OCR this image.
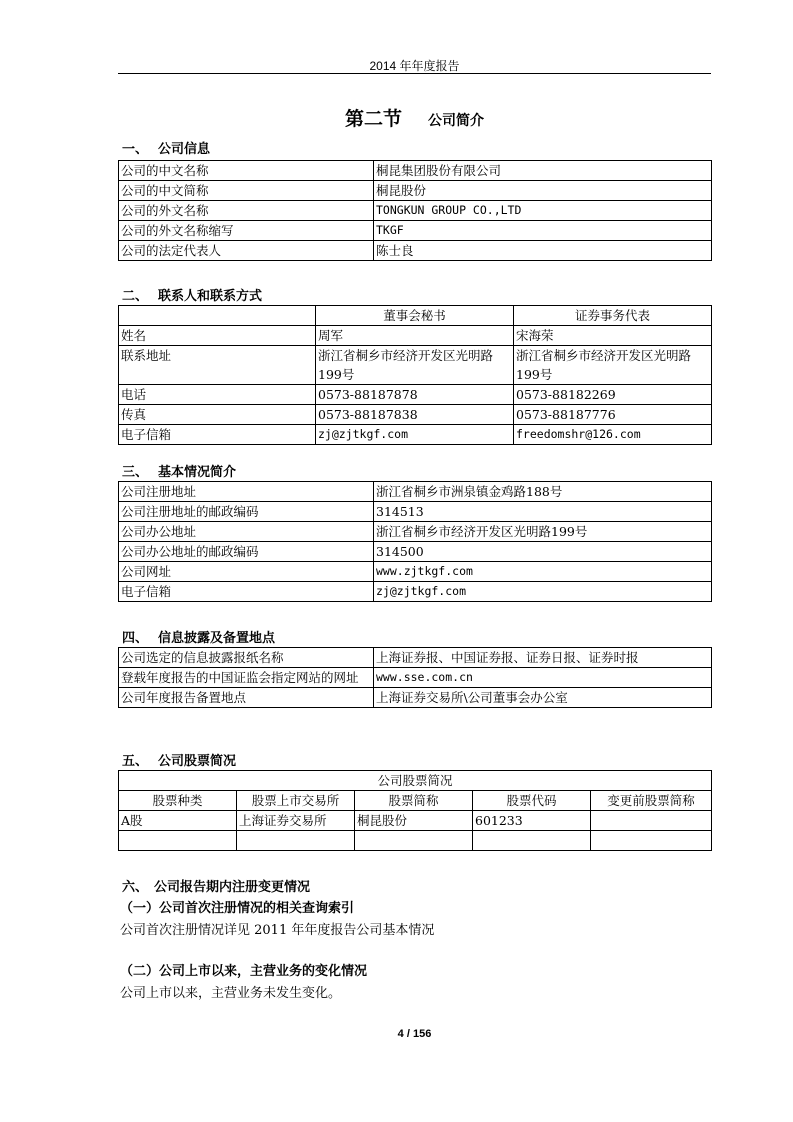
2014 年年度报告
第二节 公司简介
一、 公司信息
公司的中文名称	桐昆集团股份有限公司
公司的中文简称	桐昆股份
公司的外文名称	TONGKUN GROUP CO.,LTD
公司的外文名称缩写	TKGF
公司的法定代表人	陈士良
二、 联系人和联系方式
	董事会秘书	证券事务代表
姓名	周军	宋海荣
联系地址	浙江省桐乡市经济开发区光明路199号	浙江省桐乡市经济开发区光明路199号
电话	0573-88187878	0573-88182269
传真	0573-88187838	0573-88187776
电子信箱	zj@zjtkgf.com	freedomshr@126.com
三、 基本情况简介
公司注册地址	浙江省桐乡市洲泉镇金鸡路188号
公司注册地址的邮政编码	314513
公司办公地址	浙江省桐乡市经济开发区光明路199号
公司办公地址的邮政编码	314500
公司网址	www.zjtkgf.com
电子信箱	zj@zjtkgf.com
四、 信息披露及备置地点
公司选定的信息披露报纸名称	上海证券报、中国证券报、证券日报、证券时报
登载年度报告的中国证监会指定网站的网址	www.sse.com.cn
公司年度报告备置地点	上海证券交易所\公司董事会办公室
五、 公司股票简况
公司股票简况				
股票种类	股票上市交易所	股票简称	股票代码	变更前股票简称
A股	上海证券交易所	桐昆股份	601233	

六、 公司报告期内注册变更情况
（一）公司首次注册情况的相关查询索引
公司首次注册情况详见 2011 年年度报告公司基本情况
（二）公司上市以来，主营业务的变化情况
公司上市以来，主营业务未发生变化。
4 / 156
